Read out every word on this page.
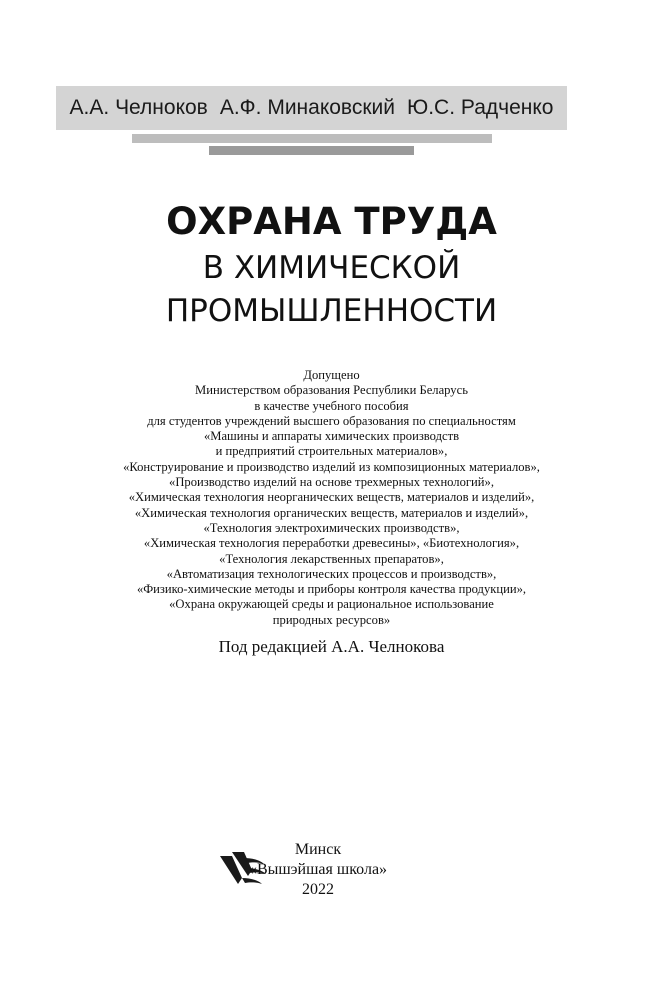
А.А. Челноков А.Ф. Минаковский Ю.С. Радченко
ОХРАНА ТРУДА
В ХИМИЧЕСКОЙ
ПРОМЫШЛЕННОСТИ
Допущено
Министерством образования Республики Беларусь
в качестве учебного пособия
для студентов учреждений высшего образования по специальностям
«Машины и аппараты химических производств
и предприятий строительных материалов»,
«Конструирование и производство изделий из композиционных материалов»,
«Производство изделий на основе трехмерных технологий»,
«Химическая технология неорганических веществ, материалов и изделий»,
«Химическая технология органических веществ, материалов и изделий»,
«Технология электрохимических производств»,
«Химическая технология переработки древесины», «Биотехнология»,
«Технология лекарственных препаратов»,
«Автоматизация технологических процессов и производств»,
«Физико-химические методы и приборы контроля качества продукции»,
«Охрана окружающей среды и рациональное использование
природных ресурсов»
Под редакцией А.А. Челнокова
Минск
«Вышэйшая школа»
2022
